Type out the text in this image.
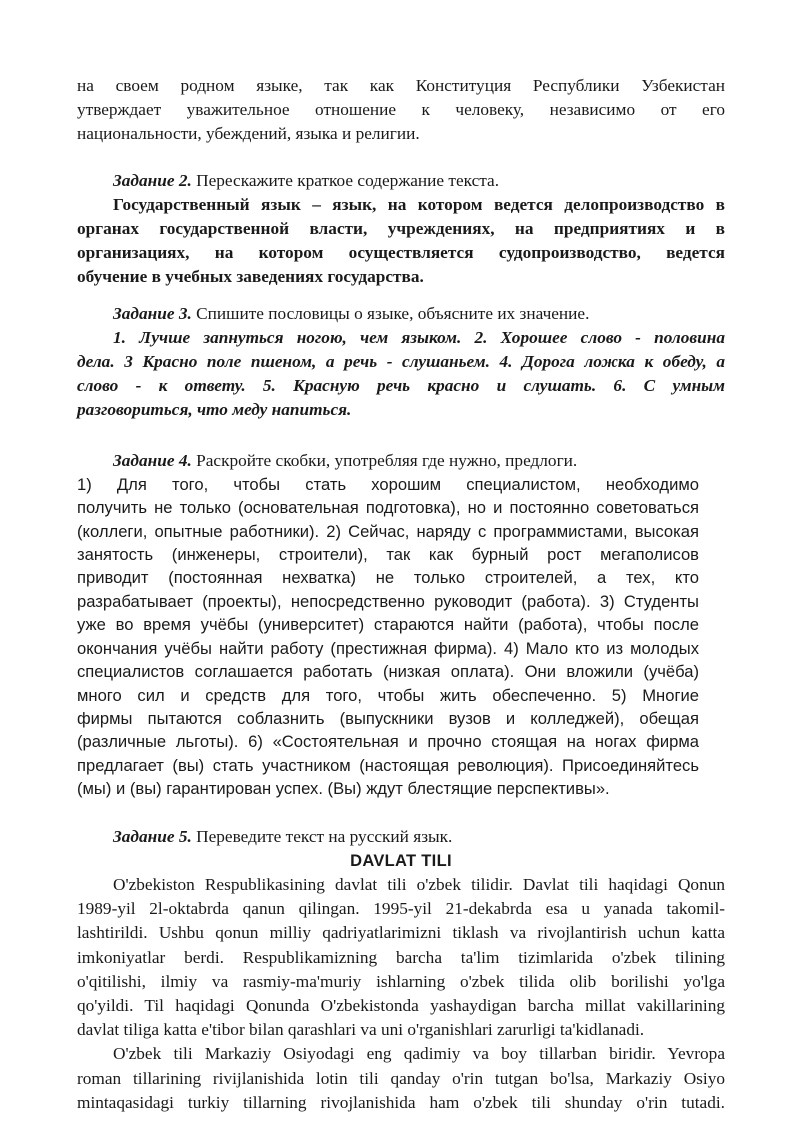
на своем родном языке, так как Конституция Республики Узбекистан

утверждает уважительное отношение к человеку, независимо от его

национальности, убеждений, языка и религии.

Задание 2. Перескажите краткое содержание текста.

Государственный язык – язык, на котором ведется делопроизводство в

органах государственной власти, учреждениях, на предприятиях и в

организациях, на котором осуществляется судопроизводство, ведется

обучение в учебных заведениях государства.

Задание 3. Спишите пословицы о языке, объясните их значение.

1. Лучше запнуться ногою, чем языком. 2. Хорошее слово - половина

дела. 3 Красно поле пшеном, а речь - слушаньем. 4. Дорога ложка к обеду, а

слово - к ответу. 5. Красную речь красно и слушать. 6. С умным

разговориться, что меду напиться.

Задание 4. Раскройте скобки, употребляя где нужно, предлоги.

1) Для того, чтобы стать хорошим специалистом, необходимо

получить не только (основательная подготовка), но и постоянно советоваться

(коллеги, опытные работники). 2) Сейчас, наряду с программистами, высокая

занятость (инженеры, строители), так как бурный рост мегаполисов

приводит (постоянная нехватка) не только строителей, а тех, кто

разрабатывает (проекты), непосредственно руководит (работа). 3) Студенты

уже во время учёбы (университет) стараются найти (работа), чтобы после

окончания учёбы найти работу (престижная фирма). 4) Мало кто из молодых

специалистов соглашается работать (низкая оплата). Они вложили (учёба)

много сил и средств для того, чтобы жить обеспеченно. 5) Многие

фирмы пытаются соблазнить (выпускники вузов и колледжей), обещая

(различные льготы). 6) «Состоятельная и прочно стоящая на ногах фирма

предлагает (вы) стать участником (настоящая революция). Присоединяйтесь

(мы) и (вы) гарантирован успех. (Вы) ждут блестящие перспективы».

Задание 5. Переведите текст на русский язык.

DAVLAT TILI

O'zbekiston Respublikasining davlat tili o'zbek tilidir. Davlat tili haqidagi Qonun

1989-yil 2l-oktabrda qanun qilingan. 1995-yil 21-dekabrda esa u yanada takomil-

lashtirildi. Ushbu qonun milliy qadriyatlarimizni tiklash va rivojlantirish uchun katta

imkoniyatlar berdi. Respublikamizning barcha ta'lim tizimlarida o'zbek tilining

o'qitilishi, ilmiy va rasmiy-ma'muriy ishlarning o'zbek tilida olib borilishi yo'lga

qo'yildi. Til haqidagi Qonunda O'zbekistonda yashaydigan barcha millat vakillarining

davlat tiliga katta e'tibor bilan qarashlari va uni o'rganishlari zarurligi ta'kidlanadi.

O'zbek tili Markaziy Osiyodagi eng qadimiy va boy tillarban biridir. Yevropa

roman tillarining rivijlanishida lotin tili qanday o'rin tutgan bo'lsa, Markaziy Osiyo

mintaqasidagi turkiy tillarning rivojlanishida ham o'zbek tili shunday o'rin tutadi.
